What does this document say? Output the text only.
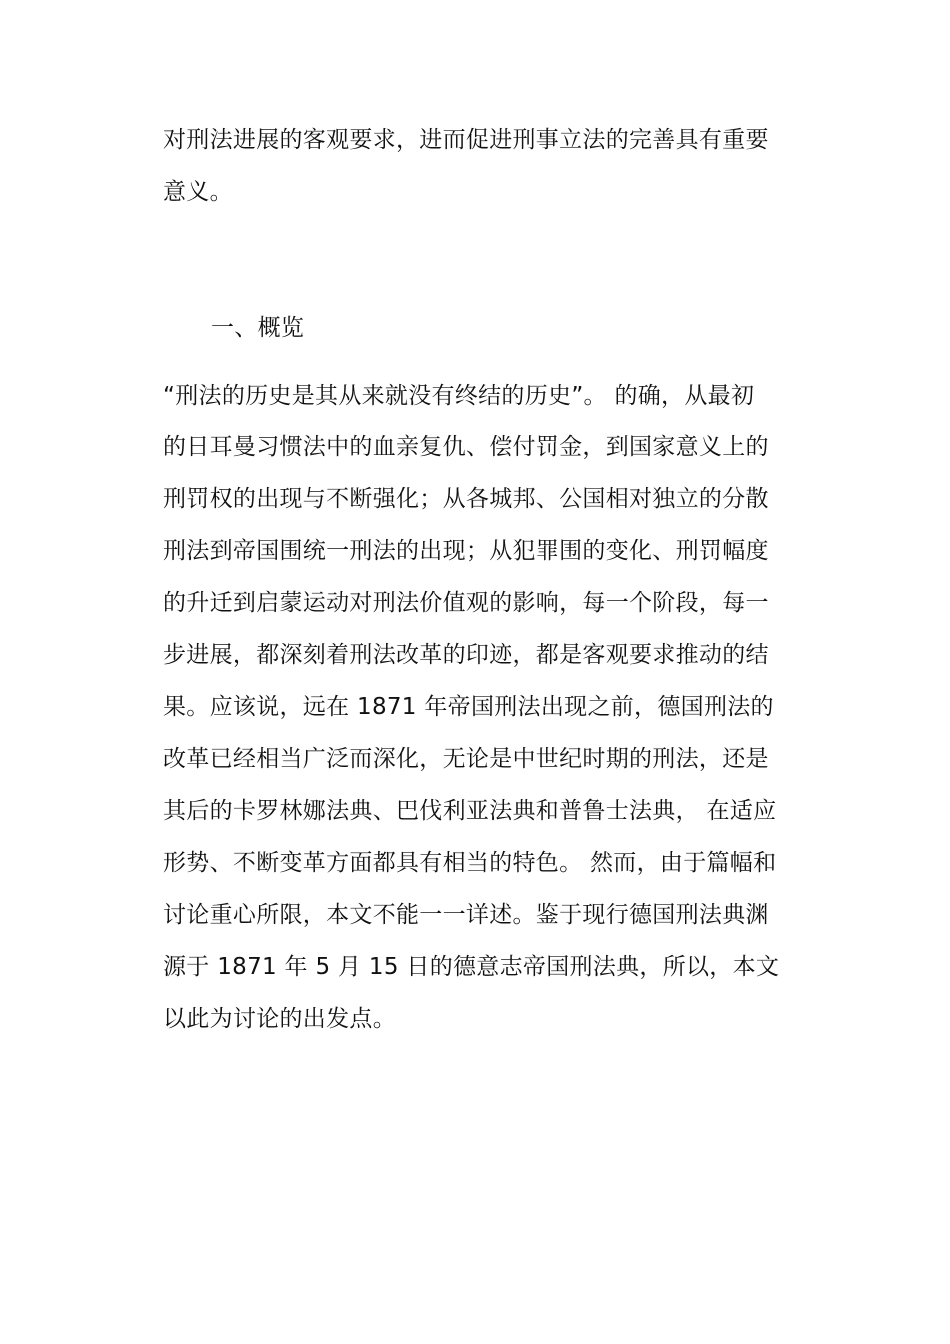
对刑法进展的客观要求，进而促进刑事立法的完善具有重要

意义。

一、概览

“刑法的历史是其从来就没有终结的历史”。 的确，从最初

的日耳曼习惯法中的血亲复仇、偿付罚金，到国家意义上的

刑罚权的出现与不断强化；从各城邦、公国相对独立的分散

刑法到帝国围统一刑法的出现；从犯罪围的变化、刑罚幅度

的升迁到启蒙运动对刑法价值观的影响，每一个阶段，每一

步进展，都深刻着刑法改革的印迹，都是客观要求推动的结

果。应该说，远在 1871 年帝国刑法出现之前，德国刑法的

改革已经相当广泛而深化，无论是中世纪时期的刑法，还是

其后的卡罗林娜法典、巴伐利亚法典和普鲁士法典， 在适应

形势、不断变革方面都具有相当的特色。 然而，由于篇幅和

讨论重心所限，本文不能一一详述。鉴于现行德国刑法典渊

源于 1871 年 5 月 15 日的德意志帝国刑法典，所以，本文

以此为讨论的出发点。
